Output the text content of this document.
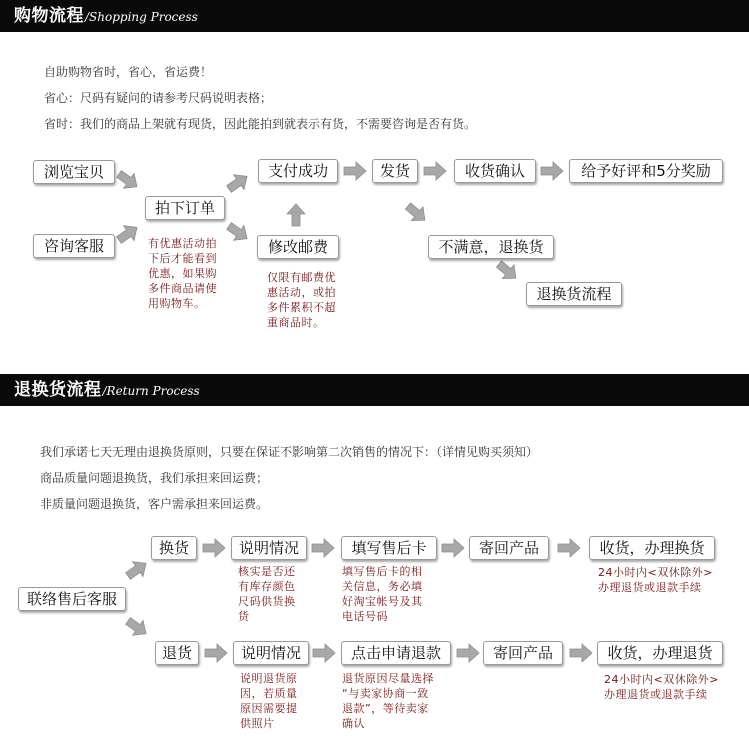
购物流程 /Shopping Process
自助购物省时，省心，省运费！
省心：尺码有疑问的请参考尺码说明表格；
省时：我们的商品上架就有现货，因此能拍到就表示有货，不需要咨询是否有货。
浏览宝贝
咨询客服
拍下订单
支付成功
修改邮费
发货	收货确认	给予好评和5分奖励
不满意，退换货
退换货流程
有优惠活动拍
下后才能看到
优惠，如果购
多件商品请使
用购物车。
仅限有邮费优
惠活动，或拍
多件累积不超
重商品时。
退换货流程 /Return Process
我们承诺七天无理由退换货原则，只要在保证不影响第二次销售的情况下：（详情见购买须知）
商品质量问题退换货，我们承担来回运费；
非质量问题退换货，客户需承担来回运费。
联络售后客服
换货	说明情况	填写售后卡	寄回产品	收货，办理换货
退货	说明情况	点击申请退款	寄回产品	收货，办理退货
核实是否还
有库存颜色
尺码供货换
货
填写售后卡的相
关信息，务必填
好淘宝帐号及其
电话号码
24小时内<双休除外>
办理退货或退款手续
说明退货原
因，若质量
原因需要提
供照片
退货原因尽量选择
“与卖家协商一致
退款”，等待卖家
确认
24小时内<双休除外>
办理退货或退款手续
